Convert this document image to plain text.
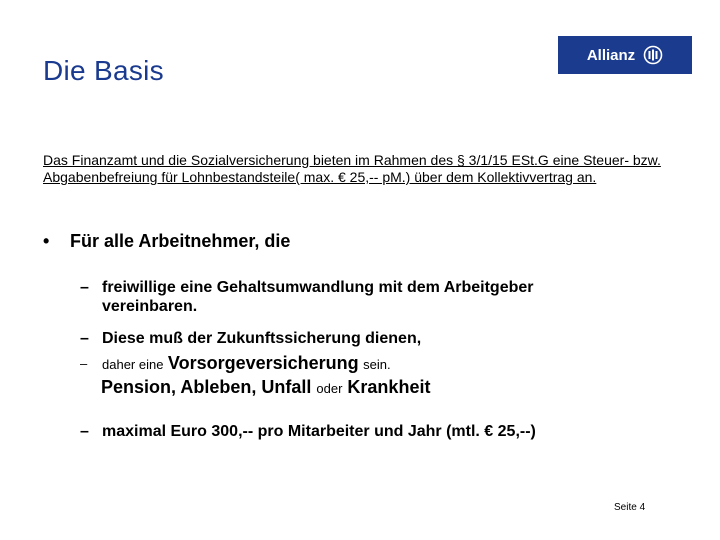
Die Basis	Allianz
Das Finanzamt und die Sozialversicherung bieten im Rahmen des § 3/1/15 ESt.G eine Steuer- bzw. Abgabenbefreiung für Lohnbestandsteile( max. € 25,-- pM.) über dem Kollektivvertrag an.
• Für alle Arbeitnehmer, die
– freiwillige eine Gehaltsumwandlung mit dem Arbeitgeber vereinbaren.
– Diese muß der Zukunftssicherung dienen,
–	daher eine Vorsorgeversicherung sein.
Pension, Ableben, Unfall oder Krankheit
– maximal Euro 300,-- pro Mitarbeiter und Jahr (mtl. € 25,--)
Seite 4
